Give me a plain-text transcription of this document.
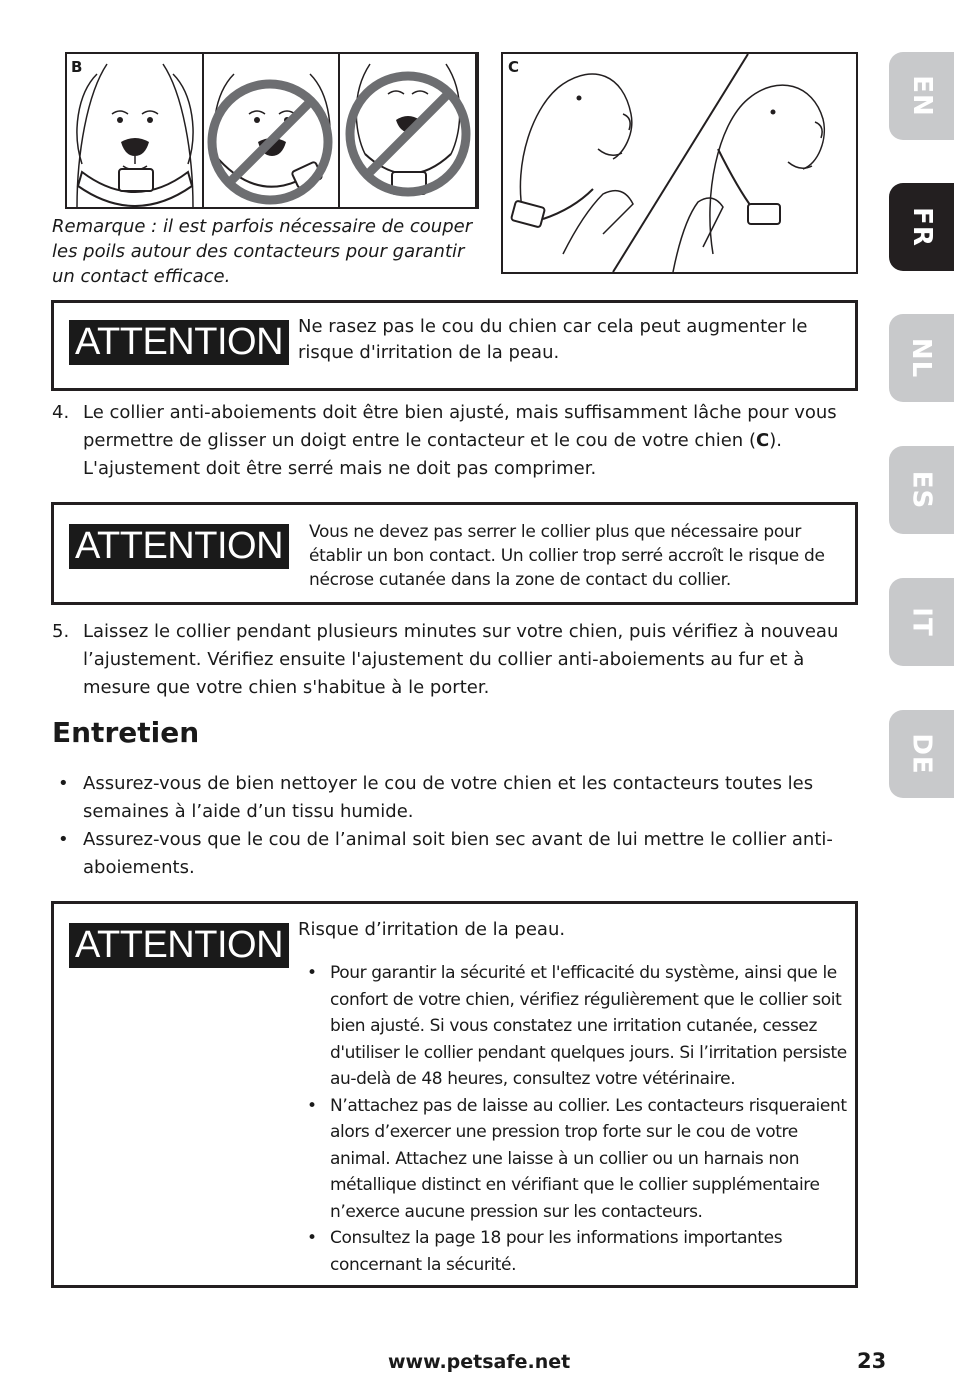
B
Remarque : il est parfois nécessaire de couper les poils autour des contacteurs pour garantir un contact efficace.
C
ATTENTION Ne rasez pas le cou du chien car cela peut augmenter le risque d'irritation de la peau.
4. Le collier anti-aboiements doit être bien ajusté, mais suffisamment lâche pour vous permettre de glisser un doigt entre le contacteur et le cou de votre chien (C). L'ajustement doit être serré mais ne doit pas comprimer.
ATTENTION	Vous ne devez pas serrer le collier plus que nécessaire pour établir un bon contact. Un collier trop serré accroît le risque de nécrose cutanée dans la zone de contact du collier.
5. Laissez le collier pendant plusieurs minutes sur votre chien, puis vérifiez à nouveau l’ajustement. Vérifiez ensuite l'ajustement du collier anti-aboiements au fur et à mesure que votre chien s'habitue à le porter.
Entretien
• Assurez-vous de bien nettoyer le cou de votre chien et les contacteurs toutes les semaines à l’aide d’un tissu humide.
• Assurez-vous que le cou de l’animal soit bien sec avant de lui mettre le collier anti-aboiements.
ATTENTION Risque d’irritation de la peau.
• Pour garantir la sécurité et l'efficacité du système, ainsi que le confort de votre chien, vérifiez régulièrement que le collier soit bien ajusté. Si vous constatez une irritation cutanée, cessez d'utiliser le collier pendant quelques jours. Si l’irritation persiste au-delà de 48 heures, consultez votre vétérinaire.
• N’attachez pas de laisse au collier. Les contacteurs risqueraient alors d’exercer une pression trop forte sur le cou de votre animal. Attachez une laisse à un collier ou un harnais non métallique distinct en vérifiant que le collier supplémentaire n’exerce aucune pression sur les contacteurs.
• Consultez la page 18 pour les informations importantes concernant la sécurité.
EN
FR
NL
ES
IT
DE
www.petsafe.net	23
